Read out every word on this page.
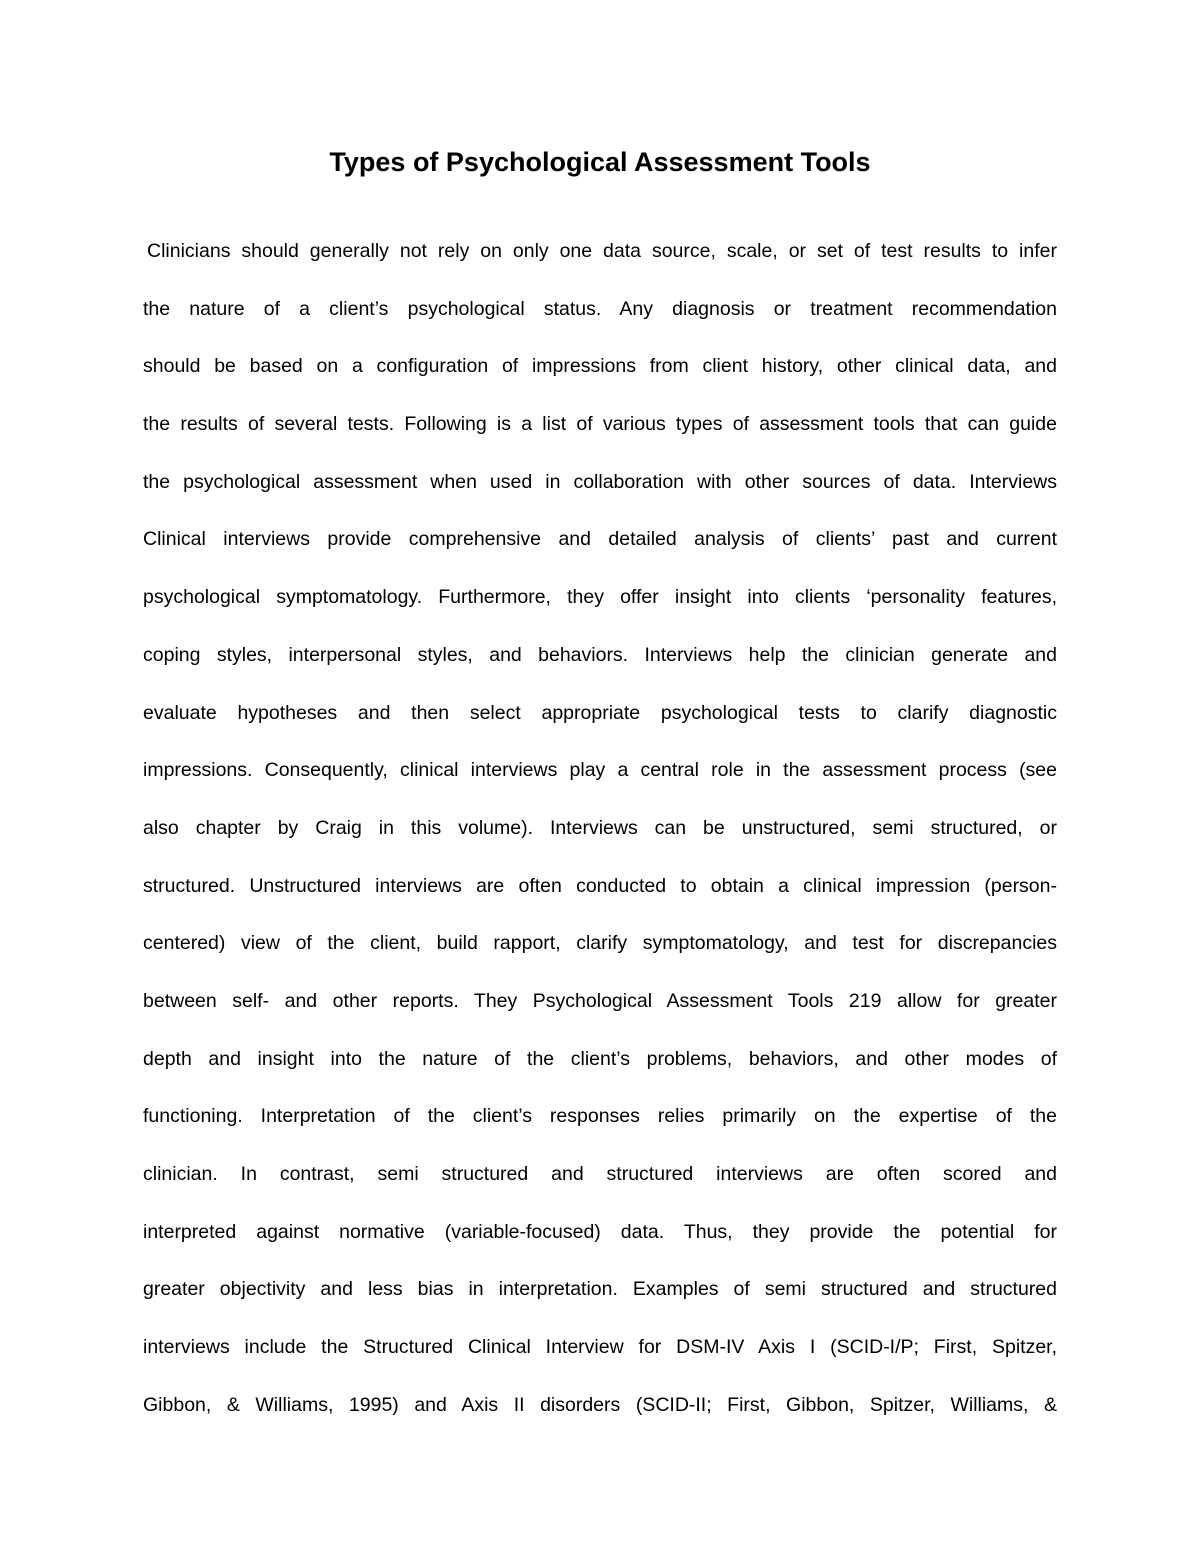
Types of Psychological Assessment Tools
Clinicians should generally not rely on only one data source, scale, or set of test results to infer
the nature of a client’s psychological status. Any diagnosis or treatment recommendation
should be based on a configuration of impressions from client history, other clinical data, and
the results of several tests. Following is a list of various types of assessment tools that can guide
the psychological assessment when used in collaboration with other sources of data. Interviews
Clinical interviews provide comprehensive and detailed analysis of clients’ past and current
psychological symptomatology. Furthermore, they offer insight into clients ‘personality features,
coping styles, interpersonal styles, and behaviors. Interviews help the clinician generate and
evaluate hypotheses and then select appropriate psychological tests to clarify diagnostic
impressions. Consequently, clinical interviews play a central role in the assessment process (see
also chapter by Craig in this volume). Interviews can be unstructured, semi structured, or
structured. Unstructured interviews are often conducted to obtain a clinical impression (person-
centered) view of the client, build rapport, clarify symptomatology, and test for discrepancies
between self- and other reports. They Psychological Assessment Tools 219 allow for greater
depth and insight into the nature of the client’s problems, behaviors, and other modes of
functioning. Interpretation of the client’s responses relies primarily on the expertise of the
clinician. In contrast, semi structured and structured interviews are often scored and
interpreted against normative (variable-focused) data. Thus, they provide the potential for
greater objectivity and less bias in interpretation. Examples of semi structured and structured
interviews include the Structured Clinical Interview for DSM-IV Axis I (SCID-I/P; First, Spitzer,
Gibbon, & Williams, 1995) and Axis II disorders (SCID-II; First, Gibbon, Spitzer, Williams, &
